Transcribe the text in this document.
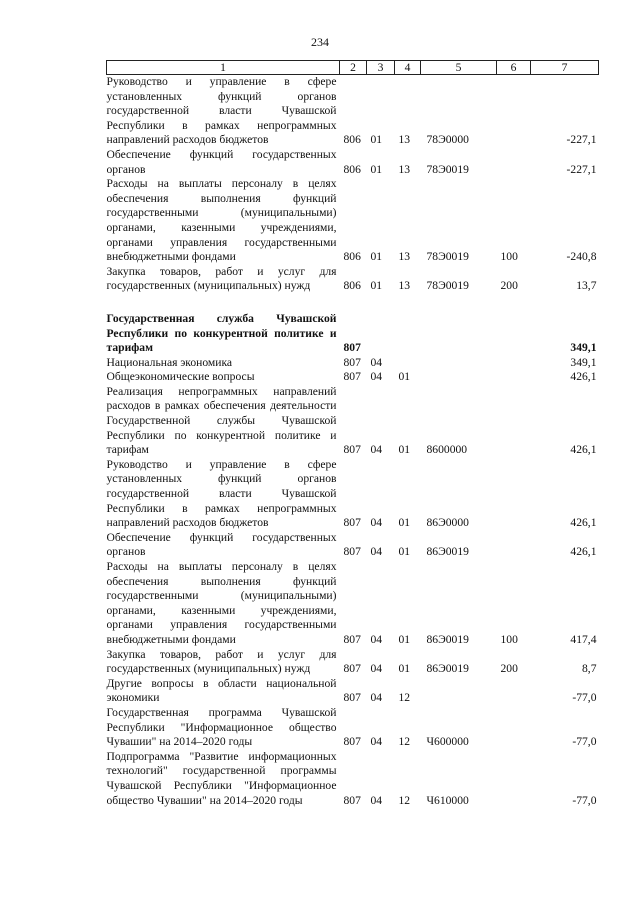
234
1	2	3	4	5	6	7
Руководство и управление в сфере установленных функций органов государственной власти Чувашской Республики в рамках непрограммных направлений расходов бюджетов	806	01	13	78Э0000		-227,1
Обеспечение функций государственных органов	806	01	13	78Э0019		-227,1
Расходы на выплаты персоналу в целях обеспечения выполнения функций государственными (муниципальными) органами, казенными учреждениями, органами управления государственными внебюджетными фондами	806	01	13	78Э0019	100	-240,8
Закупка товаров, работ и услуг для государственных (муниципальных) нужд	806	01	13	78Э0019	200	13,7

Государственная служба Чувашской Республики по конкурентной политике и тарифам	807					349,1
Национальная экономика	807	04				349,1
Общеэкономические вопросы	807	04	01			426,1
Реализация непрограммных направлений расходов в рамках обеспечения деятельности Государственной службы Чувашской Республики по конкурентной политике и тарифам	807	04	01	8600000		426,1
Руководство и управление в сфере установленных функций органов государственной власти Чувашской Республики в рамках непрограммных направлений расходов бюджетов	807	04	01	86Э0000		426,1
Обеспечение функций государственных органов	807	04	01	86Э0019		426,1
Расходы на выплаты персоналу в целях обеспечения выполнения функций государственными (муниципальными) органами, казенными учреждениями, органами управления государственными внебюджетными фондами	807	04	01	86Э0019	100	417,4
Закупка товаров, работ и услуг для государственных (муниципальных) нужд	807	04	01	86Э0019	200	8,7
Другие вопросы в области национальной экономики	807	04	12			-77,0
Государственная программа Чувашской Республики "Информационное общество Чувашии" на 2014–2020 годы	807	04	12	Ч600000		-77,0
Подпрограмма "Развитие информационных технологий" государственной программы Чувашской Республики "Информационное общество Чувашии" на 2014–2020 годы	807	04	12	Ч610000		-77,0
